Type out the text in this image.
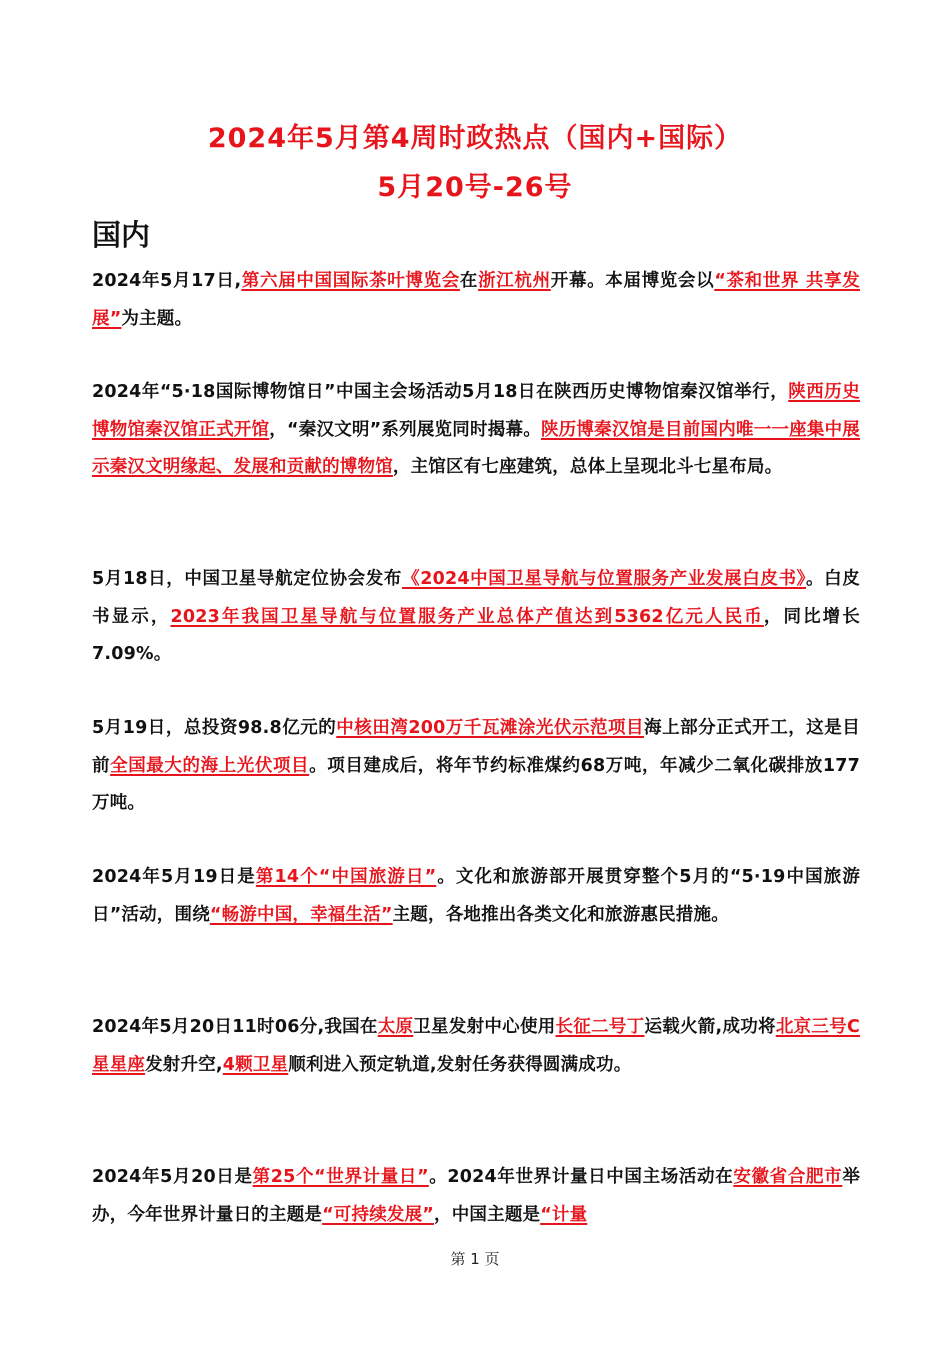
2024年5月第4周时政热点（国内+国际）
5月20号-26号
国内
2024年5月17日,第六届中国国际茶叶博览会在浙江杭州开幕。本届博览会以“茶和世界 共享发展”为主题。
2024年“5·18国际博物馆日”中国主会场活动5月18日在陕西历史博物馆秦汉馆举行，陕西历史博物馆秦汉馆正式开馆，“秦汉文明”系列展览同时揭幕。陕历博秦汉馆是目前国内唯一一座集中展示秦汉文明缘起、发展和贡献的博物馆，主馆区有七座建筑，总体上呈现北斗七星布局。
5月18日，中国卫星导航定位协会发布《2024中国卫星导航与位置服务产业发展白皮书》。白皮书显示，2023年我国卫星导航与位置服务产业总体产值达到5362亿元人民币，同比增长7.09%。
5月19日，总投资98.8亿元的中核田湾200万千瓦滩涂光伏示范项目海上部分正式开工，这是目前全国最大的海上光伏项目。项目建成后，将年节约标准煤约68万吨，年减少二氧化碳排放177万吨。
2024年5月19日是第14个“中国旅游日”。文化和旅游部开展贯穿整个5月的“5·19中国旅游日”活动，围绕“畅游中国，幸福生活”主题，各地推出各类文化和旅游惠民措施。
2024年5月20日11时06分,我国在太原卫星发射中心使用长征二号丁运载火箭,成功将北京三号C星星座发射升空,4颗卫星顺利进入预定轨道,发射任务获得圆满成功。
2024年5月20日是第25个“世界计量日”。2024年世界计量日中国主场活动在安徽省合肥市举办，今年世界计量日的主题是“可持续发展”，中国主题是“计量
第 1 页
